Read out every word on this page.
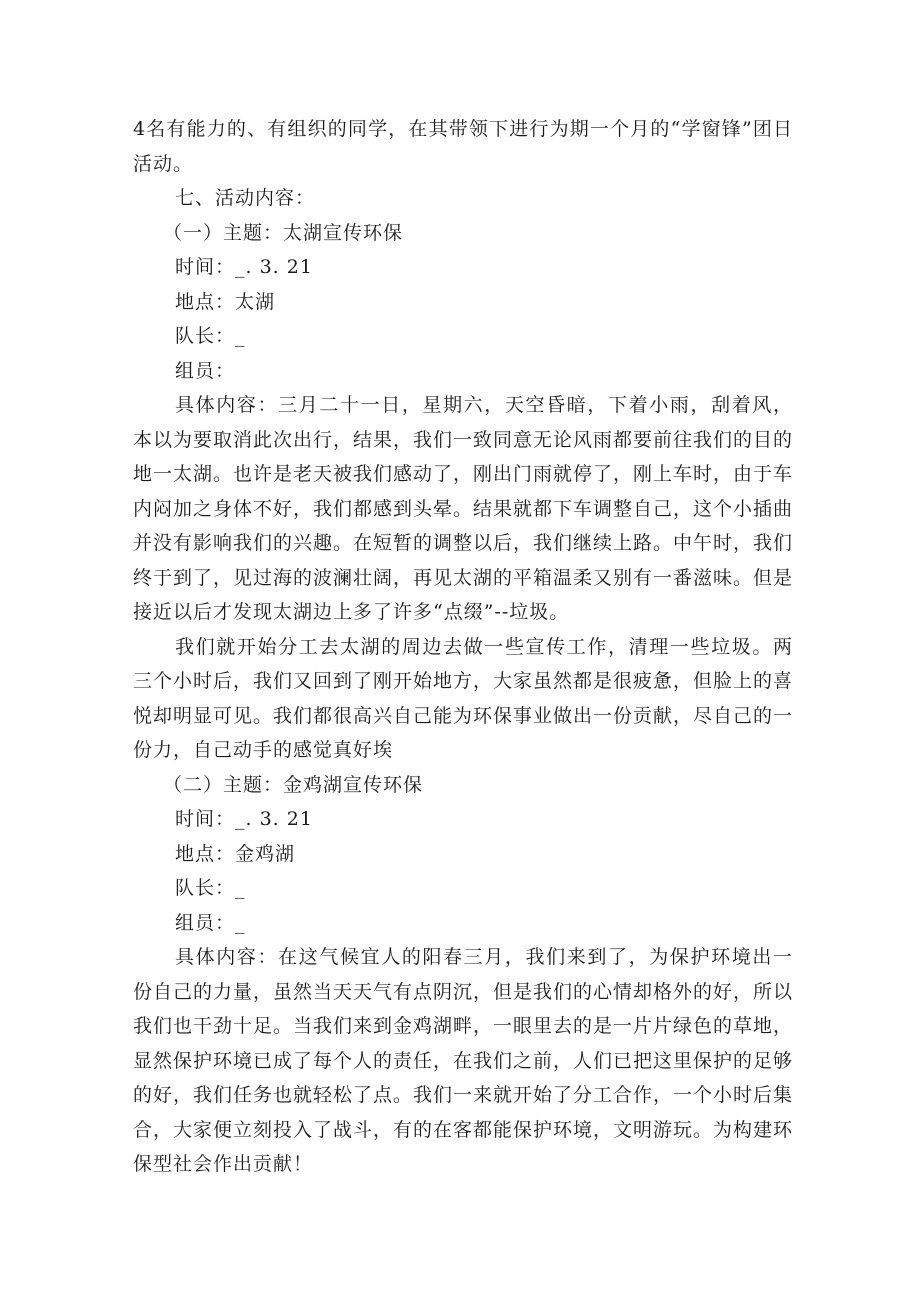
4名有能力的、有组织的同学，在其带领下进行为期一个月的“学窗锋”团日活动。

七、活动内容：

（一）主题：太湖宣传环保

时间：_. 3. 21

地点：太湖

队长：_

组员：

具体内容：三月二十一日，星期六，天空昏暗，下着小雨，刮着风，本以为要取消此次出行，结果，我们一致同意无论风雨都要前往我们的目的地一太湖。也许是老天被我们感动了，刚出门雨就停了，刚上车时，由于车内闷加之身体不好，我们都感到头晕。结果就都下车调整自己，这个小插曲并没有影响我们的兴趣。在短暂的调整以后，我们继续上路。中午时，我们终于到了，见过海的波澜壮阔，再见太湖的平箱温柔又别有一番滋味。但是接近以后才发现太湖边上多了许多“点缀”--垃圾。

我们就开始分工去太湖的周边去做一些宣传工作，清理一些垃圾。两三个小时后，我们又回到了刚开始地方，大家虽然都是很疲惫，但脸上的喜悦却明显可见。我们都很高兴自己能为环保事业做出一份贡献，尽自己的一份力，自己动手的感觉真好埃

（二）主题：金鸡湖宣传环保

时间：_. 3. 21

地点：金鸡湖

队长：_

组员：_

具体内容：在这气候宜人的阳春三月，我们来到了，为保护环境出一份自己的力量，虽然当天天气有点阴沉，但是我们的心情却格外的好，所以我们也干劲十足。当我们来到金鸡湖畔，一眼里去的是一片片绿色的草地，显然保护环境已成了每个人的责任，在我们之前，人们已把这里保护的足够的好，我们任务也就轻松了点。我们一来就开始了分工合作，一个小时后集合，大家便立刻投入了战斗，有的在客都能保护环境，文明游玩。为构建环保型社会作出贡献！
